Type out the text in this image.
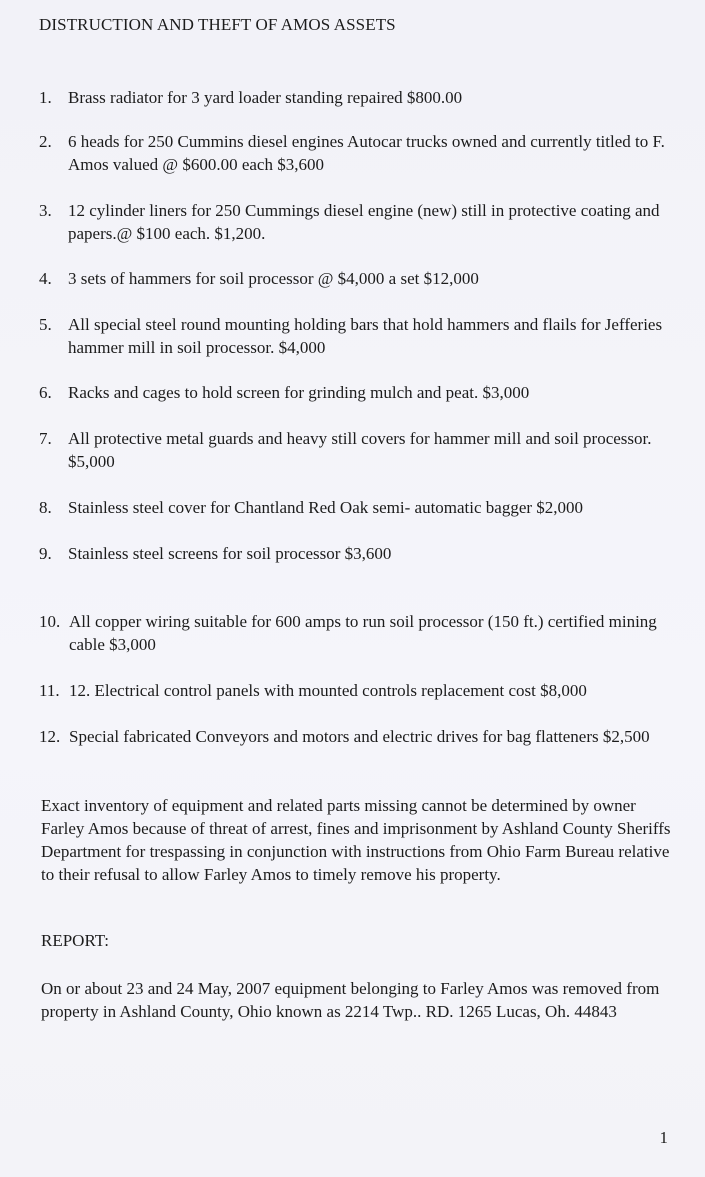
DISTRUCTION AND THEFT OF AMOS ASSETS
1. Brass radiator for 3 yard loader standing repaired $800.00
2. 6 heads for 250 Cummins diesel engines Autocar trucks owned and currently titled to F. Amos valued @ $600.00 each $3,600
3. 12 cylinder liners for 250 Cummings diesel engine (new) still in protective coating and papers.@ $100 each. $1,200.
4. 3 sets of hammers for soil processor @ $4,000 a set $12,000
5. All special steel round mounting holding bars that hold hammers and flails for Jefferies hammer mill in soil processor. $4,000
6. Racks and cages to hold screen for grinding mulch and peat. $3,000
7. All protective metal guards and heavy still covers for hammer mill and soil processor. $5,000
8. Stainless steel cover for Chantland Red Oak semi- automatic bagger $2,000
9. Stainless steel screens for soil processor $3,600
10. All copper wiring suitable for 600 amps to run soil processor (150 ft.) certified mining cable $3,000
11. 12. Electrical control panels with mounted controls replacement cost $8,000
12. Special fabricated Conveyors and motors and electric drives for bag flatteners $2,500
Exact inventory of equipment and related parts missing cannot be determined by owner Farley Amos because of threat of arrest, fines and imprisonment by Ashland County Sheriffs Department for trespassing in conjunction with instructions from Ohio Farm Bureau relative to their refusal to allow Farley Amos to timely remove his property.
REPORT:
On or about 23 and 24 May, 2007 equipment belonging to Farley Amos was removed from property in Ashland County, Ohio known as 2214 Twp.. RD. 1265 Lucas, Oh. 44843
1
